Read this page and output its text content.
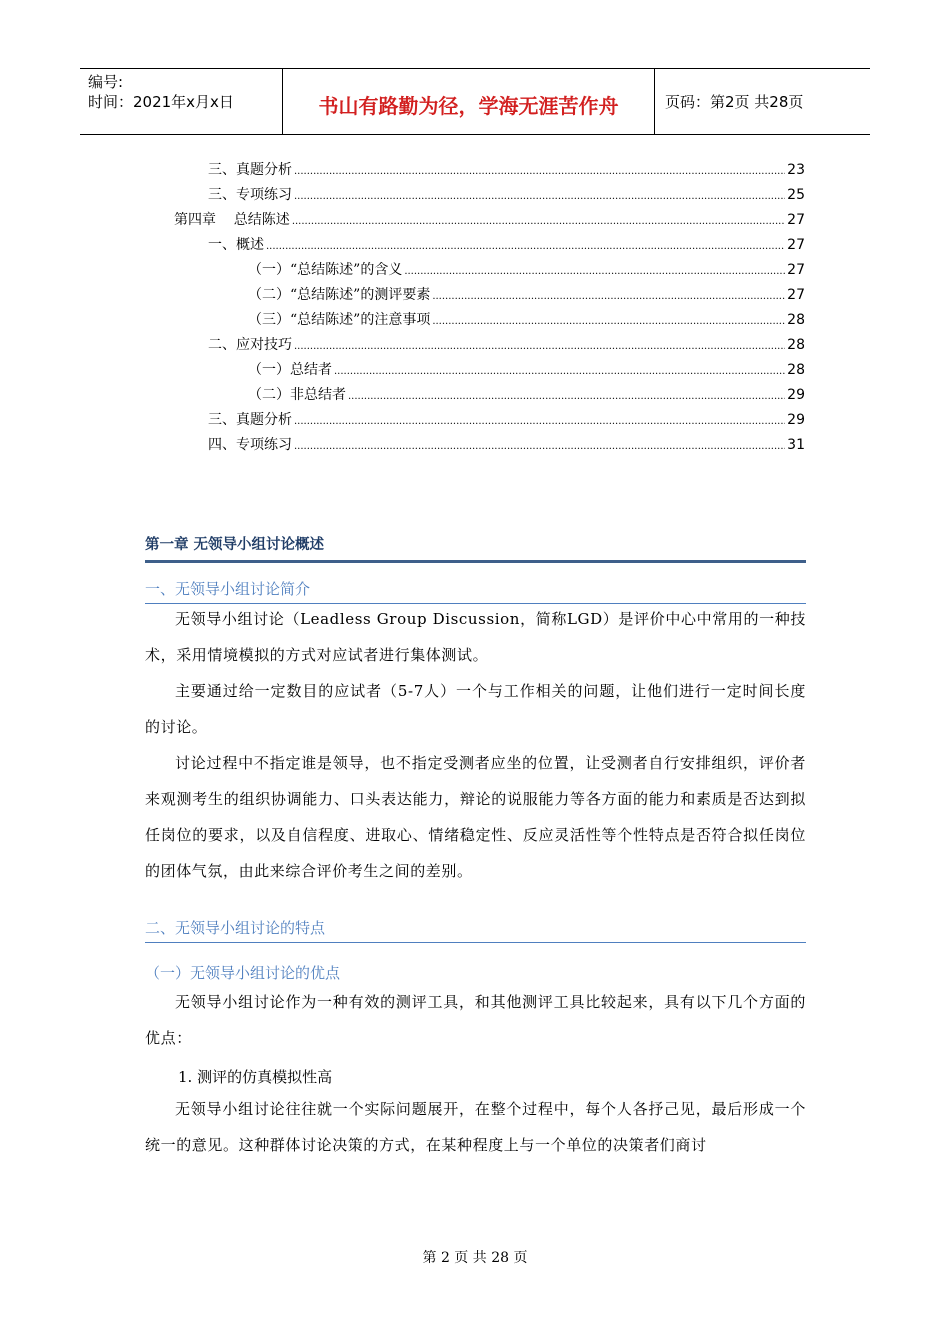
编号:
时间：2021年x月x日	书山有路勤为径，学海无涯苦作舟	页码：第2页 共28页
三、真题分析 .....	23
三、专项练习 .....	25
第四章    总结陈述 .....	27
一、概述 .....	27
（一）“总结陈述”的含义 .....	27
（二）“总结陈述”的测评要素 .....	27
（三）“总结陈述”的注意事项 .....	28
二、应对技巧 .....	28
（一）总结者 .....	28
（二）非总结者 .....	29
三、真题分析 .....	29
四、专项练习 .....	31
第一章 无领导小组讨论概述
一、无领导小组讨论简介
无领导小组讨论（Leadless Group Discussion，简称LGD）是评价中心中常用的一种技术，采用情境模拟的方式对应试者进行集体测试。
主要通过给一定数目的应试者（5-7人）一个与工作相关的问题，让他们进行一定时间长度的讨论。
讨论过程中不指定谁是领导，也不指定受测者应坐的位置，让受测者自行安排组织，评价者来观测考生的组织协调能力、口头表达能力，辩论的说服能力等各方面的能力和素质是否达到拟任岗位的要求，以及自信程度、进取心、情绪稳定性、反应灵活性等个性特点是否符合拟任岗位的团体气氛，由此来综合评价考生之间的差别。
二、无领导小组讨论的特点
（一）无领导小组讨论的优点
无领导小组讨论作为一种有效的测评工具，和其他测评工具比较起来，具有以下几个方面的优点：
1. 测评的仿真模拟性高
无领导小组讨论往往就一个实际问题展开，在整个过程中，每个人各抒己见，最后形成一个统一的意见。这种群体讨论决策的方式，在某种程度上与一个单位的决策者们商讨
第 2 页 共 28 页
